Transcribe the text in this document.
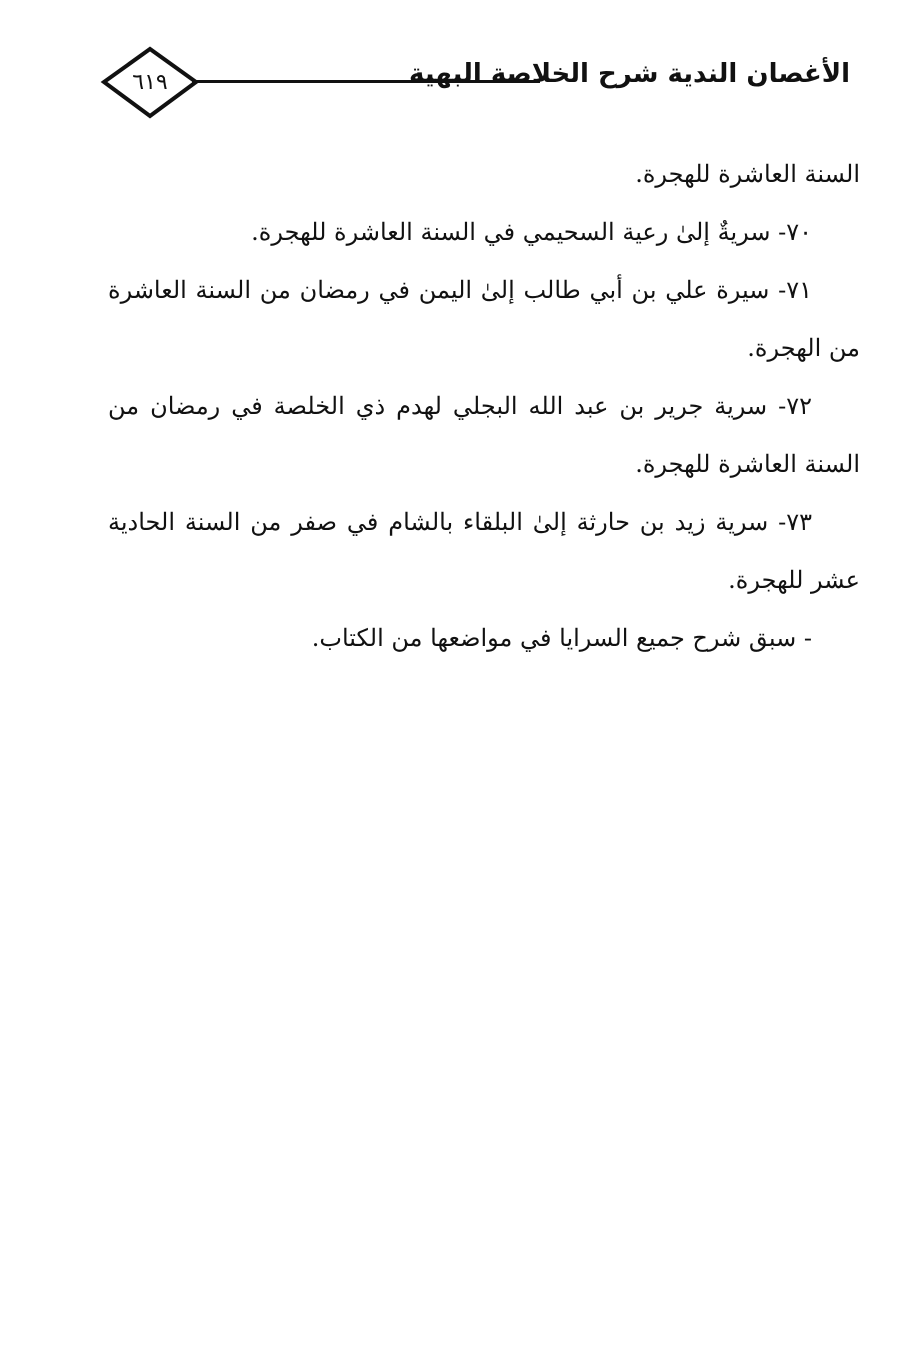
٦١٩	الأغصان الندية شرح الخلاصة البهية

السنة العاشرة للهجرة.

٧٠- سريةٌ إلىٰ رعية السحيمي في السنة العاشرة للهجرة.

٧١- سيرة علي بن أبي طالب إلىٰ اليمن في رمضان من السنة العاشرة من الهجرة.

٧٢- سرية جرير بن عبد الله البجلي لهدم ذي الخلصة في رمضان من السنة العاشرة للهجرة.

٧٣- سرية زيد بن حارثة إلىٰ البلقاء بالشام في صفر من السنة الحادية عشر للهجرة.

- سبق شرح جميع السرايا في مواضعها من الكتاب.
